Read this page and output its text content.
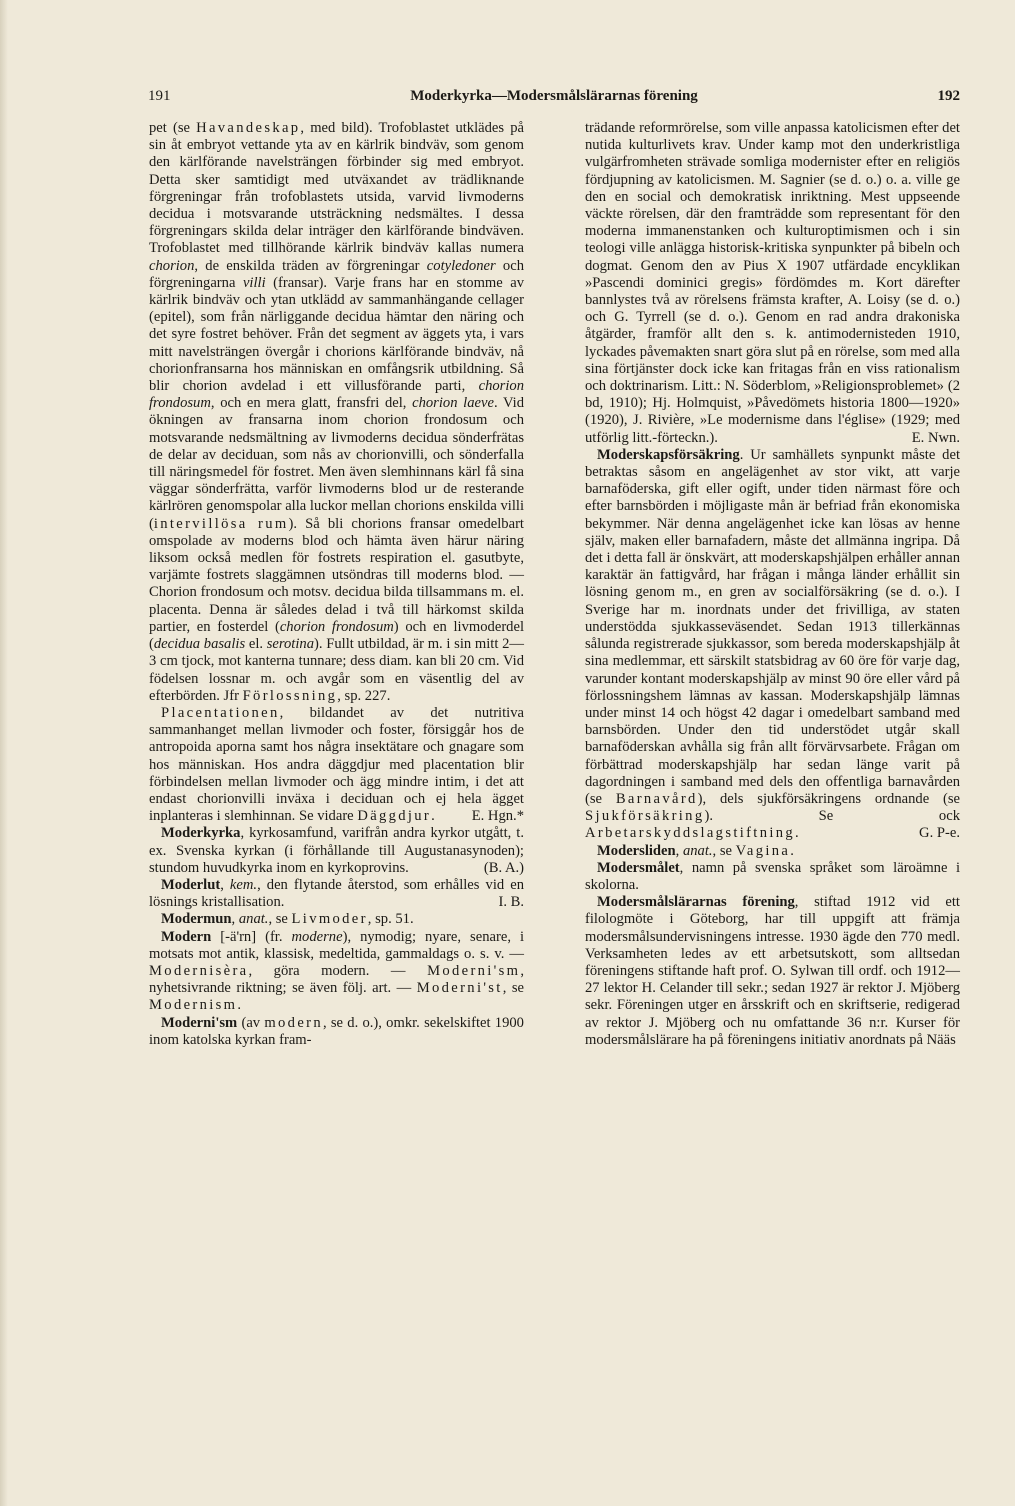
191	Moderkyrka—Modersmålslärarnas förening	192

pet (se Havandeskap, med bild). Trofoblastet utklädes på sin åt embryot vettande yta av en kärlrik bindväv, som genom den kärlförande navelsträngen förbinder sig med embryot. Detta sker samtidigt med utväxandet av trädliknande förgreningar från trofoblastets utsida, varvid livmoderns decidua i motsvarande utsträckning nedsmältes. I dessa förgreningars skilda delar inträger den kärlförande bindväven. Trofoblastet med tillhörande kärlrik bindväv kallas numera chorion, de enskilda träden av förgreningar cotyledoner och förgreningarna villi (fransar). Varje frans har en stomme av kärlrik bindväv och ytan utklädd av sammanhängande cellager (epitel), som från närliggande decidua hämtar den näring och det syre fostret behöver. Från det segment av äggets yta, i vars mitt navelsträngen övergår i chorions kärlförande bindväv, nå chorionfransarna hos människan en omfångsrik utbildning. Så blir chorion avdelad i ett villusförande parti, chorion frondosum, och en mera glatt, fransfri del, chorion laeve. Vid ökningen av fransarna inom chorion frondosum och motsvarande nedsmältning av livmoderns decidua sönderfrätas de delar av deciduan, som nås av chorionvilli, och sönderfalla till näringsmedel för fostret. Men även slemhinnans kärl få sina väggar sönderfrätta, varför livmoderns blod ur de resterande kärlrören genomspolar alla luckor mellan chorions enskilda villi (intervillösa rum). Så bli chorions fransar omedelbart omspolade av moderns blod och hämta även härur näring liksom också medlen för fostrets respiration el. gasutbyte, varjämte fostrets slaggämnen utsöndras till moderns blod. — Chorion frondosum och motsv. decidua bilda tillsammans m. el. placenta. Denna är således delad i två till härkomst skilda partier, en fosterdel (chorion frondosum) och en livmoderdel (decidua basalis el. serotina). Fullt utbildad, är m. i sin mitt 2—3 cm tjock, mot kanterna tunnare; dess diam. kan bli 20 cm. Vid födelsen lossnar m. och avgår som en väsentlig del av efterbörden. Jfr Förlossning, sp. 227.

Placentationen, bildandet av det nutritiva sammanhanget mellan livmoder och foster, försiggår hos de antropoida aporna samt hos några insektätare och gnagare som hos människan. Hos andra däggdjur med placentation blir förbindelsen mellan livmoder och ägg mindre intim, i det att endast chorionvilli inväxa i deciduan och ej hela ägget inplanteras i slemhinnan. Se vidare Däggdjur.	E. Hgn.*

Moderkyrka, kyrkosamfund, varifrån andra kyrkor utgått, t. ex. Svenska kyrkan (i förhållande till Augustanasynoden); stundom huvudkyrka inom en kyrkoprovins.	(B. A.)

Moderlut, kem., den flytande återstod, som erhålles vid en lösnings kristallisation.	I. B.

Modermun, anat., se Livmoder, sp. 51.

Modern [-ä'rn] (fr. moderne), nymodig; nyare, senare, i motsats mot antik, klassisk, medeltida, gammaldags o. s. v. — Modernisèra, göra modern. — Moderni'sm, nyhetsivrande riktning; se även följ. art. — Moderni'st, se Modernism.

Moderni'sm (av modern, se d. o.), omkr. sekelskiftet 1900 inom katolska kyrkan fram-

trädande reformrörelse, som ville anpassa katolicismen efter det nutida kulturlivets krav. Under kamp mot den underkristliga vulgärfromheten strävade somliga modernister efter en religiös fördjupning av katolicismen. M. Sagnier (se d. o.) o. a. ville ge den en social och demokratisk inriktning. Mest uppseende väckte rörelsen, där den framträdde som representant för den moderna immanenstanken och kulturoptimismen och i sin teologi ville anlägga historisk-kritiska synpunkter på bibeln och dogmat. Genom den av Pius X 1907 utfärdade encyklikan »Pascendi dominici gregis» fördömdes m. Kort därefter bannlystes två av rörelsens främsta krafter, A. Loisy (se d. o.) och G. Tyrrell (se d. o.). Genom en rad andra drakoniska åtgärder, framför allt den s. k. antimodernisteden 1910, lyckades påvemakten snart göra slut på en rörelse, som med alla sina förtjänster dock icke kan fritagas från en viss rationalism och doktrinarism. Litt.: N. Söderblom, »Religionsproblemet» (2 bd, 1910); Hj. Holmquist, »Påvedömets historia 1800—1920» (1920), J. Rivière, »Le modernisme dans l'église» (1929; med utförlig litt.-förteckn.).	E. Nwn.

Moderskapsförsäkring. Ur samhällets synpunkt måste det betraktas såsom en angelägenhet av stor vikt, att varje barnaföderska, gift eller ogift, under tiden närmast före och efter barnsbörden i möjligaste mån är befriad från ekonomiska bekymmer. När denna angelägenhet icke kan lösas av henne själv, maken eller barnafadern, måste det allmänna ingripa. Då det i detta fall är önskvärt, att moderskapshjälpen erhåller annan karaktär än fattigvård, har frågan i många länder erhållit sin lösning genom m., en gren av socialförsäkring (se d. o.). I Sverige har m. inordnats under det frivilliga, av staten understödda sjukkasseväsendet. Sedan 1913 tillerkännas sålunda registrerade sjukkassor, som bereda moderskapshjälp åt sina medlemmar, ett särskilt statsbidrag av 60 öre för varje dag, varunder kontant moderskapshjälp av minst 90 öre eller vård på förlossningshem lämnas av kassan. Moderskapshjälp lämnas under minst 14 och högst 42 dagar i omedelbart samband med barnsbörden. Under den tid understödet utgår skall barnaföderskan avhålla sig från allt förvärvsarbete. Frågan om förbättrad moderskapshjälp har sedan länge varit på dagordningen i samband med dels den offentliga barnavården (se Barnavård), dels sjukförsäkringens ordnande (se Sjukförsäkring). Se ock Arbetarskyddslagstiftning.	G. P-e.

Modersliden, anat., se Vagina.

Modersmålet, namn på svenska språket som läroämne i skolorna.

Modersmålslärarnas förening, stiftad 1912 vid ett filologmöte i Göteborg, har till uppgift att främja modersmålsundervisningens intresse. 1930 ägde den 770 medl. Verksamheten ledes av ett arbetsutskott, som alltsedan föreningens stiftande haft prof. O. Sylwan till ordf. och 1912—27 lektor H. Celander till sekr.; sedan 1927 är rektor J. Mjöberg sekr. Föreningen utger en årsskrift och en skriftserie, redigerad av rektor J. Mjöberg och nu omfattande 36 n:r. Kurser för modersmålslärare ha på föreningens initiativ anordnats på Nääs
